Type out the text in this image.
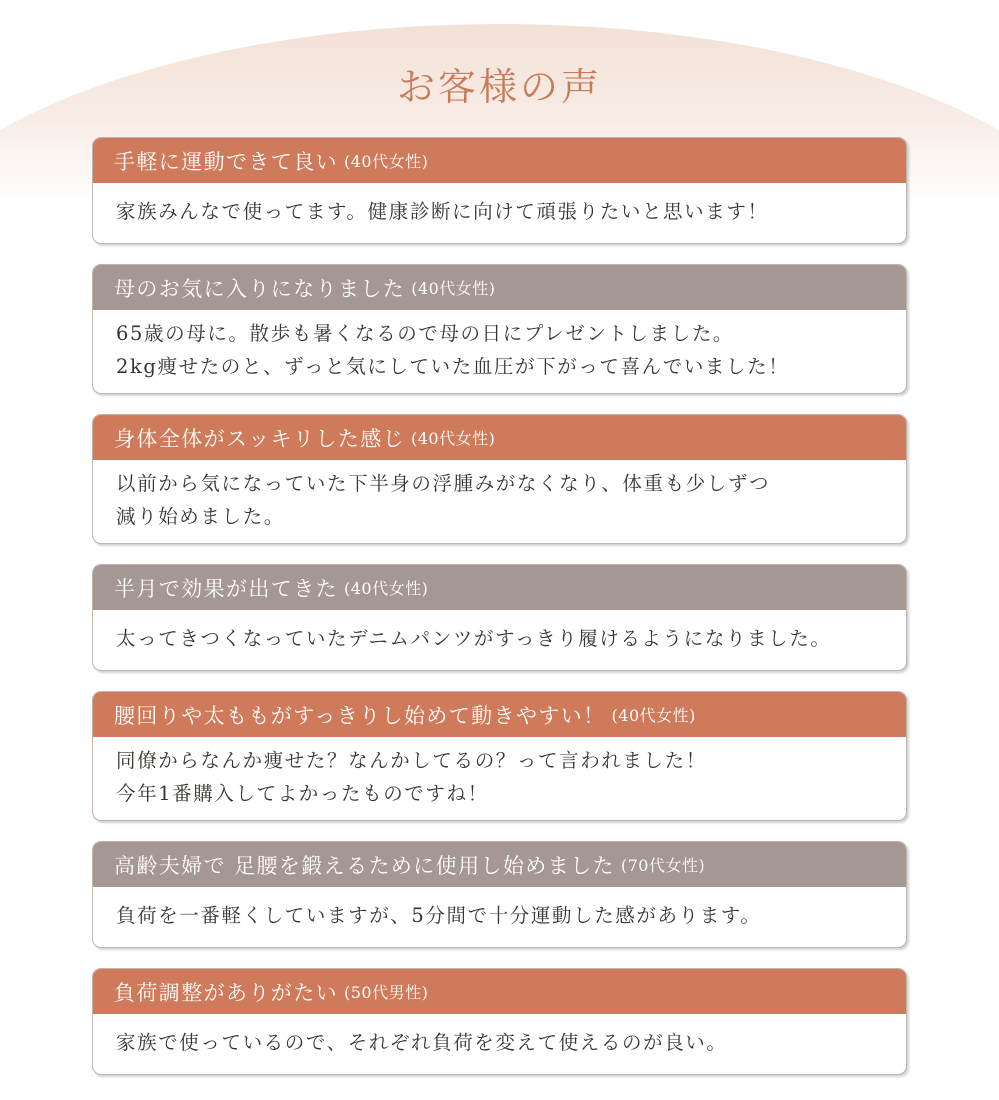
お客様の声
手軽に運動できて良い (40代女性)
家族みんなで使ってます。健康診断に向けて頑張りたいと思います！
母のお気に入りになりました (40代女性)
65歳の母に。散歩も暑くなるので母の日にプレゼントしました。
2kg痩せたのと、ずっと気にしていた血圧が下がって喜んでいました！
身体全体がスッキリした感じ (40代女性)
以前から気になっていた下半身の浮腫みがなくなり、体重も少しずつ
減り始めました。
半月で効果が出てきた (40代女性)
太ってきつくなっていたデニムパンツがすっきり履けるようになりました。
腰回りや太ももがすっきりし始めて動きやすい！ (40代女性)
同僚からなんか痩せた？なんかしてるの？って言われました！
今年1番購入してよかったものですね！
高齢夫婦で 足腰を鍛えるために使用し始めました (70代女性)
負荷を一番軽くしていますが、5分間で十分運動した感があります。
負荷調整がありがたい (50代男性)
家族で使っているので、それぞれ負荷を変えて使えるのが良い。
